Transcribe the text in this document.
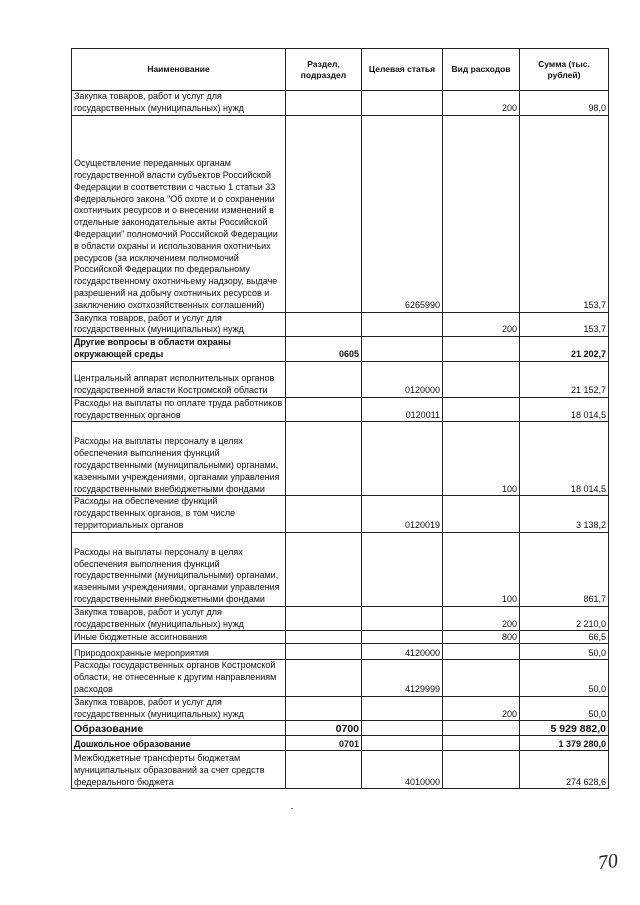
Наименование	Раздел, подраздел	Целевая статья	Вид расходов	Сумма (тыс. рублей)
Закупка товаров, работ и услуг для государственных (муниципальных) нужд			200	98,0
Осуществление переданных органам государственной власти субъектов Российской Федерации в соответствии с частью 1 статьи 33 Федерального закона "Об охоте и о сохранении охотничьих ресурсов и о внесении изменений в отдельные законодательные акты Российской Федерации" полномочий Российской Федерации в области охраны и использования охотничьих ресурсов (за исключением полномочий Российской Федерации по федеральному государственному охотничьему надзору, выдаче разрешений на добычу охотничьих ресурсов и заключению охотхозяйственных соглашений)		6265990		153,7
Закупка товаров, работ и услуг для государственных (муниципальных) нужд			200	153,7
Другие вопросы в области охраны окружающей среды	0605			21 202,7
Центральный аппарат исполнительных органов государственной власти Костромской области		0120000		21 152,7
Расходы на выплаты по оплате труда работников государственных органов		0120011		18 014,5
Расходы на выплаты персоналу в целях обеспечения выполнения функций государственными (муниципальными) органами, казенными учреждениями, органами управления государственными внебюджетными фондами			100	18 014,5
Расходы на обеспечение функций государственных органов, в том числе территориальных органов		0120019		3 138,2
Расходы на выплаты персоналу в целях обеспечения выполнения функций государственными (муниципальными) органами, казенными учреждениями, органами управления государственными внебюджетными фондами			100	861,7
Закупка товаров, работ и услуг для государственных (муниципальных) нужд			200	2 210,0
Иные бюджетные ассигнования			800	66,5
Природоохранные мероприятия		4120000		50,0
Расходы государственных органов Костромской области, не отнесенные к другим направлениям расходов		4129999		50,0
Закупка товаров, работ и услуг для государственных (муниципальных) нужд			200	50,0
Образование	0700			5 929 882,0
Дошкольное образование	0701			1 379 280,0
Межбюджетные трансферты бюджетам муниципальных образований за счет средств федерального бюджета		4010000		274 628,6
70
